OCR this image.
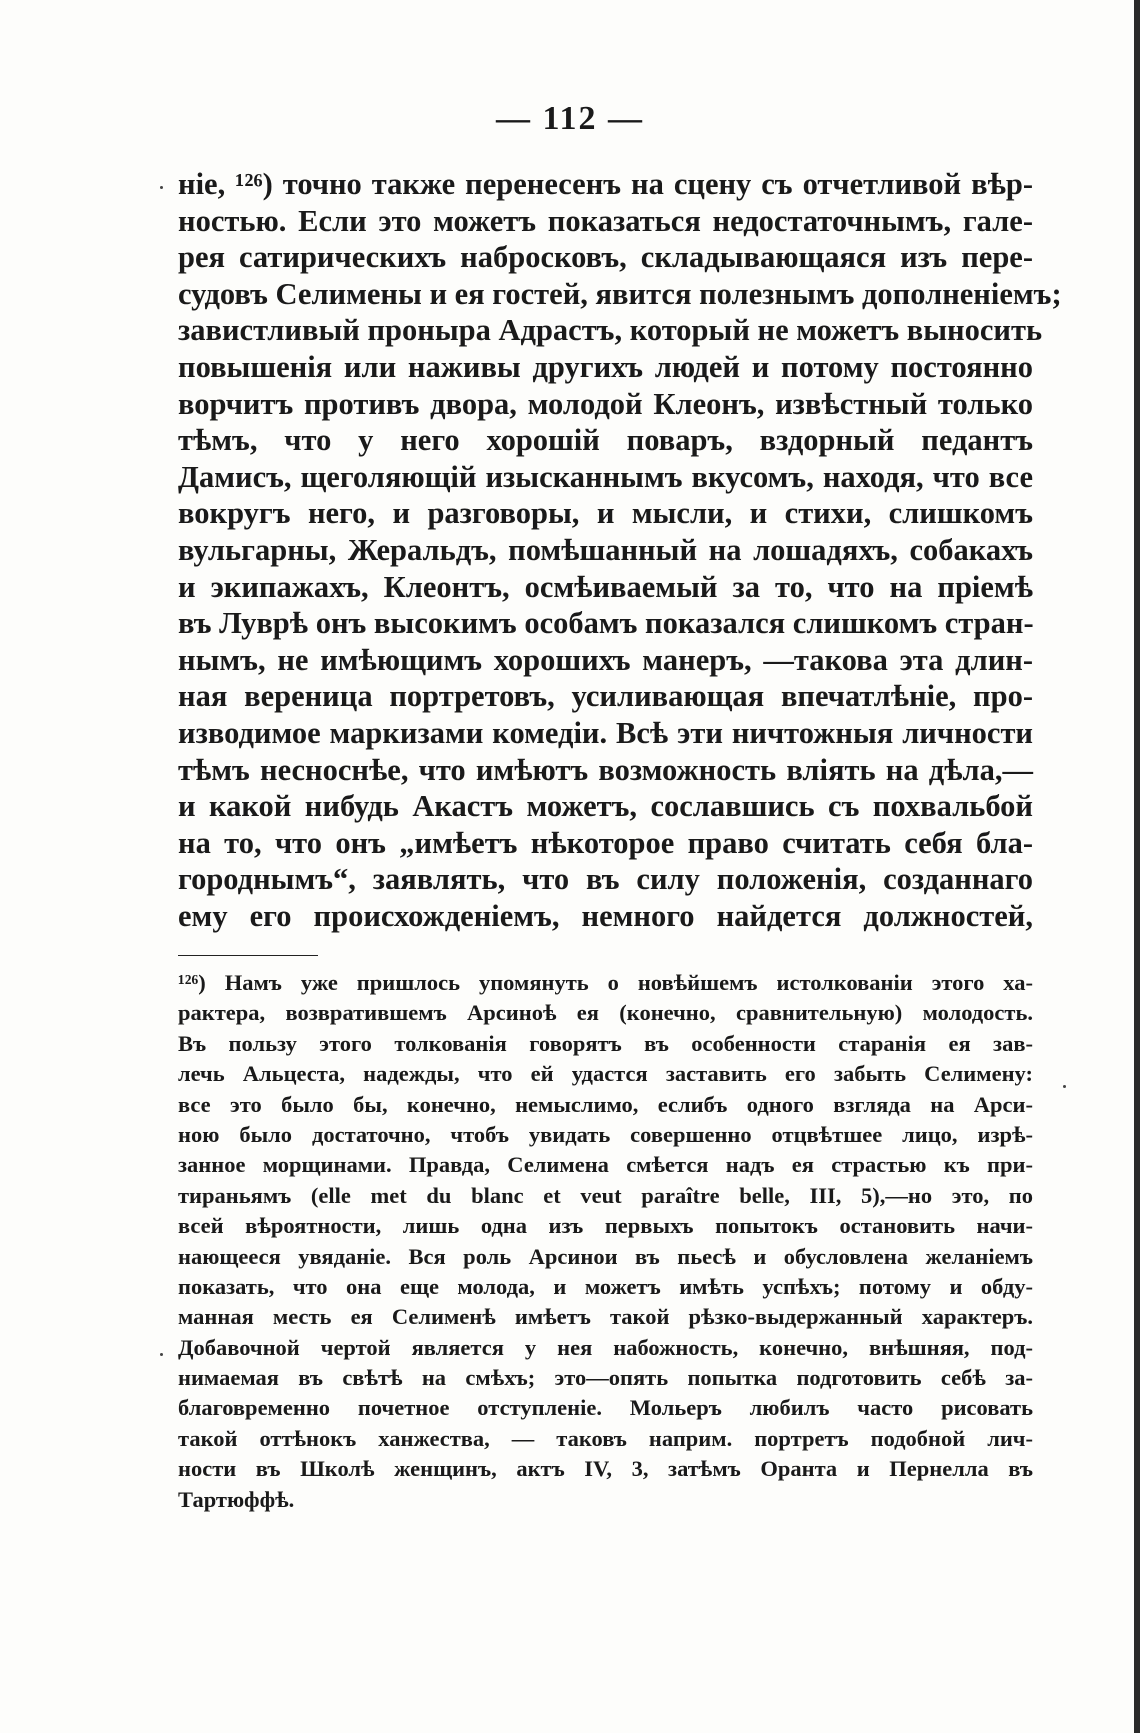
— 112 —
ніе, ¹²⁶) точно также перенесенъ на сцену съ отчетливой вѣр-
ностью. Если это можетъ показаться недостаточнымъ, гале-
рея сатирическихъ набросковъ, складывающаяся изъ пере-
судовъ Селимены и ея гостей, явится полезнымъ дополненіемъ;
завистливый проныра Адрастъ, который не можетъ выносить
повышенія или наживы другихъ людей и потому постоянно
ворчитъ противъ двора, молодой Клеонъ, извѣстный только
тѣмъ, что у него хорошій поваръ, вздорный педантъ
Дамисъ, щеголяющій изысканнымъ вкусомъ, находя, что все
вокругъ него, и разговоры, и мысли, и стихи, слишкомъ
вульгарны, Жеральдъ, помѣшанный на лошадяхъ, собакахъ
и экипажахъ, Клеонтъ, осмѣиваемый за то, что на пріемѣ
въ Луврѣ онъ высокимъ особамъ показался слишкомъ стран-
нымъ, не имѣющимъ хорошихъ манеръ, —такова эта длин-
ная вереница портретовъ, усиливающая впечатлѣніе, про-
изводимое маркизами комедіи. Всѣ эти ничтожныя личности
тѣмъ несноснѣе, что имѣютъ возможность вліять на дѣла,—
и какой нибудь Акастъ можетъ, сославшись съ похвальбой
на то, что онъ „имѣетъ нѣкоторое право считать себя бла-
городнымъ“, заявлять, что въ силу положенія, созданнаго
ему его происхожденіемъ, немного найдется должностей,
¹²⁶) Намъ уже пришлось упомянуть о новѣйшемъ истолкованіи этого ха-
рактера, возвратившемъ Арсиноѣ ея (конечно, сравнительную) молодость.
Въ пользу этого толкованія говорятъ въ особенности старанія ея зав-
лечь Альцеста, надежды, что ей удастся заставить его забыть Селимену:
все это было бы, конечно, немыслимо, еслибъ одного взгляда на Арси-
ною было достаточно, чтобъ увидать совершенно отцвѣтшее лицо, изрѣ-
занное морщинами. Правда, Селимена смѣется надъ ея страстью къ при-
тираньямъ (elle met du blanc et veut paraître belle, III, 5),—но это, по
всей вѣроятности, лишь одна изъ первыхъ попытокъ остановить начи-
нающееся увяданіе. Вся роль Арсинои въ пьесѣ и обусловлена желаніемъ
показать, что она еще молода, и можетъ имѣть успѣхъ; потому и обду-
манная месть ея Селименѣ имѣетъ такой рѣзко-выдержанный характеръ.
Добавочной чертой является у нея набожность, конечно, внѣшняя, под-
нимаемая въ свѣтѣ на смѣхъ; это—опять попытка подготовить себѣ за-
благовременно почетное отступленіе. Мольеръ любилъ часто рисовать
такой оттѣнокъ ханжества, — таковъ наприм. портретъ подобной лич-
ности въ Школѣ женщинъ, актъ IV, 3, затѣмъ Оранта и Пернелла въ
Тартюффѣ.
